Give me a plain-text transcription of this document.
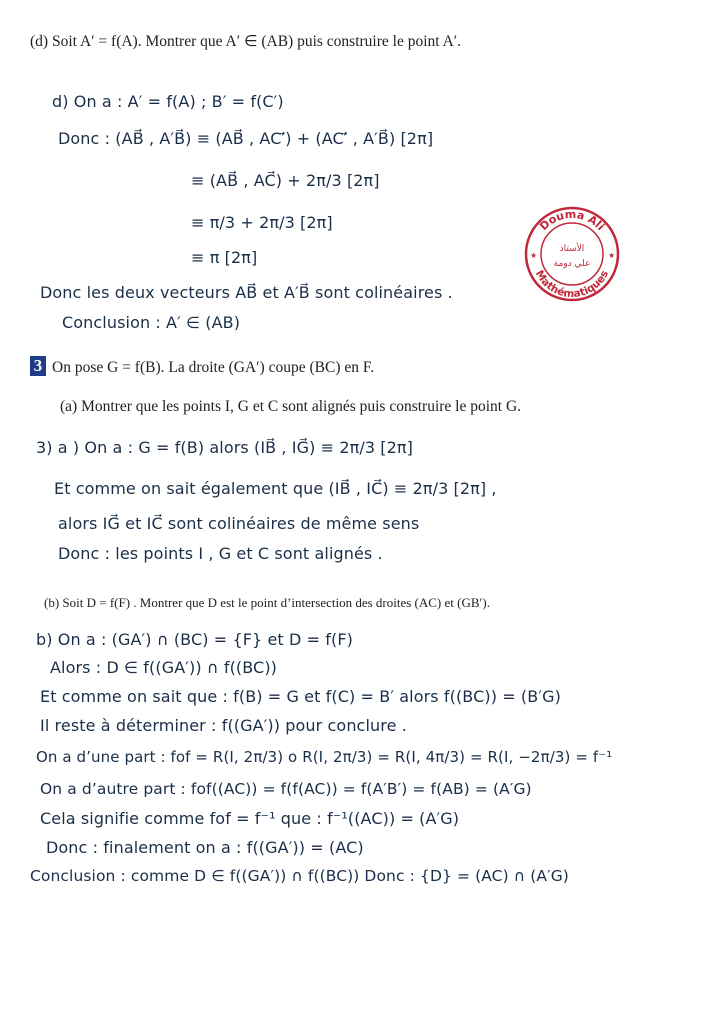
(d) Soit A′ = f(A). Montrer que A′ ∈ (AB) puis construire le point A′.
d) On a : A′ = f(A) ; B′ = f(C′)
Donc : (AB⃗ , A′B⃗) ≡ (AB⃗ , AC′⃗) + (AC′⃗ , A′B⃗) [2π]
≡ (AB⃗ , AC⃗) + 2π/3 [2π]
≡ π/3 + 2π/3 [2π]
≡ π [2π]
Donc les deux vecteurs AB⃗ et A′B⃗ sont colinéaires .
Conclusion : A′ ∈ (AB)
Douma Ali
Mathématiques
الأستاذ
علي دومة
★	★
3 On pose G = f(B). La droite (GA′) coupe (BC) en F.
(a) Montrer que les points I, G et C sont alignés puis construire le point G.
3) a ) On a : G = f(B) alors (IB⃗ , IG⃗) ≡ 2π/3 [2π]
Et comme on sait également que (IB⃗ , IC⃗) ≡ 2π/3 [2π] ,
alors IG⃗ et IC⃗ sont colinéaires de même sens
Donc : les points I , G et C sont alignés .
(b) Soit D = f(F) . Montrer que D est le point d’intersection des droites (AC) et (GB′).
b) On a : (GA′) ∩ (BC) = {F} et D = f(F)
Alors : D ∈ f((GA′)) ∩ f((BC))
Et comme on sait que : f(B) = G et f(C) = B′ alors f((BC)) = (B′G)
Il reste à déterminer : f((GA′)) pour conclure .
On a d’une part : fof = R(I, 2π/3) o R(I, 2π/3) = R(I, 4π/3) = R(I, −2π/3) = f⁻¹
On a d’autre part : fof((AC)) = f(f(AC)) = f(A′B′) = f(AB) = (A′G)
Cela signifie comme fof = f⁻¹ que : f⁻¹((AC)) = (A′G)
Donc : finalement on a : f((GA′)) = (AC)
Conclusion : comme D ∈ f((GA′)) ∩ f((BC)) Donc : {D} = (AC) ∩ (A′G)
